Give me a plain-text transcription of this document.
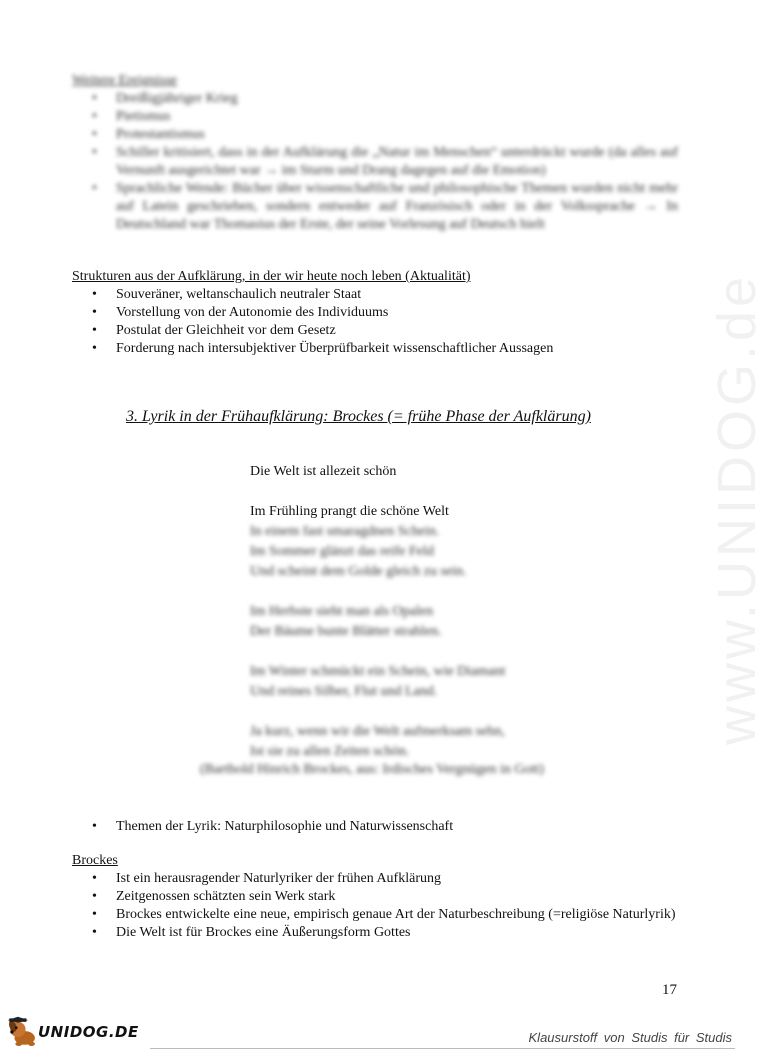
www.UNIDOG.de
Weitere Ereignisse
• Dreißigjähriger Krieg
• Pietismus
• Protestantismus
• Schiller kritisiert, dass in der Aufklärung die „Natur im Menschen“ unterdrückt wurde (da alles auf Vernunft ausgerichtet war → im Sturm und Drang dagegen auf die Emotion)
• Sprachliche Wende: Bücher über wissenschaftliche und philosophische Themen wurden nicht mehr auf Latein geschrieben, sondern entweder auf Französisch oder in der Volkssprache → In Deutschland war Thomasius der Erste, der seine Vorlesung auf Deutsch hielt
Strukturen aus der Aufklärung, in der wir heute noch leben (Aktualität)
• Souveräner, weltanschaulich neutraler Staat
• Vorstellung von der Autonomie des Individuums
• Postulat der Gleichheit vor dem Gesetz
• Forderung nach intersubjektiver Überprüfbarkeit wissenschaftlicher Aussagen
3. Lyrik in der Frühaufklärung: Brockes (= frühe Phase der Aufklärung)
Die Welt ist allezeit schön
Im Frühling prangt die schöne Welt
In einem fast smaragdnen Schein.
Im Sommer glänzt das reife Feld
Und scheint dem Golde gleich zu sein.
Im Herbste sieht man als Opalen
Der Bäume bunte Blätter strahlen.
Im Winter schmückt ein Schein, wie Diamant
Und reines Silber, Flut und Land.
Ja kurz, wenn wir die Welt aufmerksam sehn,
Ist sie zu allen Zeiten schön.
(Barthold Hinrich Brockes, aus: Irdisches Vergnügen in Gott)
• Themen der Lyrik: Naturphilosophie und Naturwissenschaft
Brockes
• Ist ein herausragender Naturlyriker der frühen Aufklärung
• Zeitgenossen schätzten sein Werk stark
• Brockes entwickelte eine neue, empirisch genaue Art der Naturbeschreibung (=religiöse Naturlyrik)
• Die Welt ist für Brockes eine Äußerungsform Gottes
17
UNIDOG.DE	Klausurstoff von Studis für Studis
